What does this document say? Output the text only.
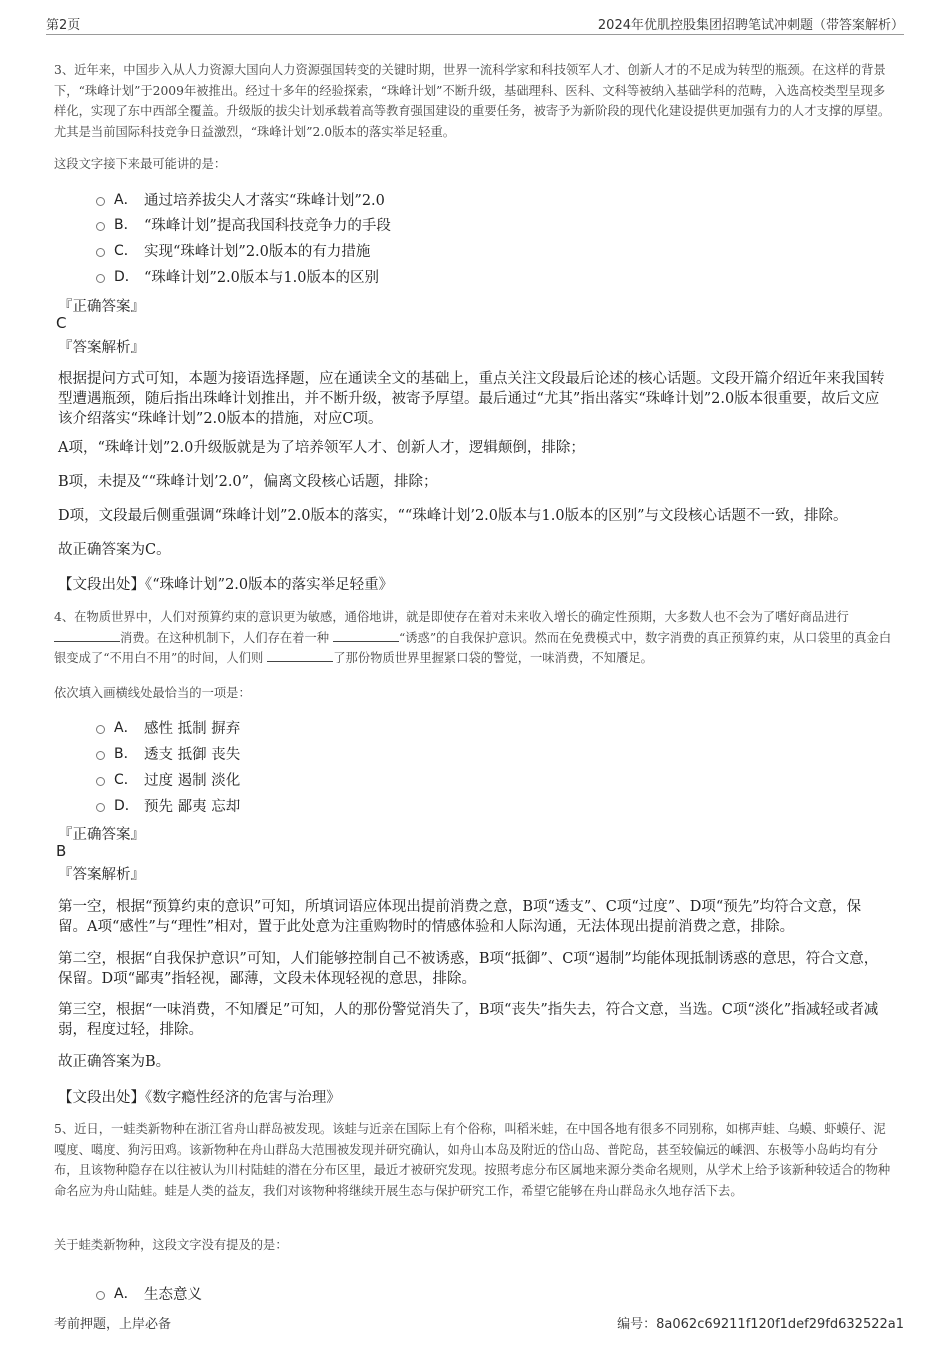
第2页	2024年优肌控股集团招聘笔试冲刺题（带答案解析）

3、近年来，中国步入从人力资源大国向人力资源强国转变的关键时期，世界一流科学家和科技领军人才、创新人才的不足成为转型的瓶颈。在这样的背景下，“珠峰计划”于2009年被推出。经过十多年的经验探索，“珠峰计划”不断升级，基础理科、医科、文科等被纳入基础学科的范畴，入选高校类型呈现多样化，实现了东中西部全覆盖。升级版的拔尖计划承载着高等教育强国建设的重要任务，被寄予为新阶段的现代化建设提供更加强有力的人才支撑的厚望。尤其是当前国际科技竞争日益激烈，“珠峰计划”2.0版本的落实举足轻重。

这段文字接下来最可能讲的是：

A． 通过培养拔尖人才落实“珠峰计划”2.0
B． “珠峰计划”提高我国科技竞争力的手段
C． 实现“珠峰计划”2.0版本的有力措施
D． “珠峰计划”2.0版本与1.0版本的区别
『正确答案』
C
『答案解析』

根据提问方式可知，本题为接语选择题，应在通读全文的基础上，重点关注文段最后论述的核心话题。文段开篇介绍近年来我国转型遭遇瓶颈，随后指出珠峰计划推出，并不断升级，被寄予厚望。最后通过“尤其”指出落实“珠峰计划”2.0版本很重要，故后文应该介绍落实“珠峰计划”2.0版本的措施，对应C项。

A项，“珠峰计划”2.0升级版就是为了培养领军人才、创新人才，逻辑颠倒，排除；

B项，未提及““珠峰计划’2.0”，偏离文段核心话题，排除；

D项，文段最后侧重强调“珠峰计划”2.0版本的落实，““珠峰计划’2.0版本与1.0版本的区别”与文段核心话题不一致，排除。

故正确答案为C。

【文段出处】《“珠峰计划”2.0版本的落实举足轻重》

4、在物质世界中，人们对预算约束的意识更为敏感，通俗地讲，就是即使存在着对未来收入增长的确定性预期，大多数人也不会为了嗜好商品进行 消费。在这种机制下，人们存在着一种	“诱惑”的自我保护意识。然而在免费模式中，数字消费的真正预算约束，从口袋里的真金白银变成了“不用白不用”的时间，人们则	了那份物质世界里握紧口袋的警觉，一味消费，不知餍足。

依次填入画横线处最恰当的一项是：

A． 感性 抵制 摒弃
B． 透支 抵御 丧失
C． 过度 遏制 淡化
D． 预先 鄙夷 忘却
『正确答案』
B
『答案解析』

第一空，根据“预算约束的意识”可知，所填词语应体现出提前消费之意，B项“透支”、C项“过度”、D项“预先”均符合文意，保留。A项“感性”与“理性”相对，置于此处意为注重购物时的情感体验和人际沟通，无法体现出提前消费之意，排除。

第二空，根据“自我保护意识”可知，人们能够控制自己不被诱惑，B项“抵御”、C项“遏制”均能体现抵制诱惑的意思，符合文意，保留。D项“鄙夷”指轻视，鄙薄，文段未体现轻视的意思，排除。

第三空，根据“一味消费，不知餍足”可知，人的那份警觉消失了，B项“丧失”指失去，符合文意，当选。C项“淡化”指减轻或者减弱，程度过轻，排除。

故正确答案为B。

【文段出处】《数字瘾性经济的危害与治理》

5、近日，一蛙类新物种在浙江省舟山群岛被发现。该蛙与近亲在国际上有个俗称，叫稻米蛙，在中国各地有很多不同别称，如梆声蛙、乌蟆、虾蟆仔、泥嘎度、噶度、狗污田鸡。该新物种在舟山群岛大范围被发现并研究确认，如舟山本岛及附近的岱山岛、普陀岛，甚至较偏远的嵊泗、东极等小岛屿均有分布，且该物种隐存在以往被认为川村陆蛙的潜在分布区里，最近才被研究发现。按照考虑分布区属地来源分类命名规则，从学术上给予该新种较适合的物种命名应为舟山陆蛙。蛙是人类的益友，我们对该物种将继续开展生态与保护研究工作，希望它能够在舟山群岛永久地存活下去。

关于蛙类新物种，这段文字没有提及的是：

A． 生态意义
考前押题，上岸必备	编号：8a062c69211f120f1def29fd632522a1
